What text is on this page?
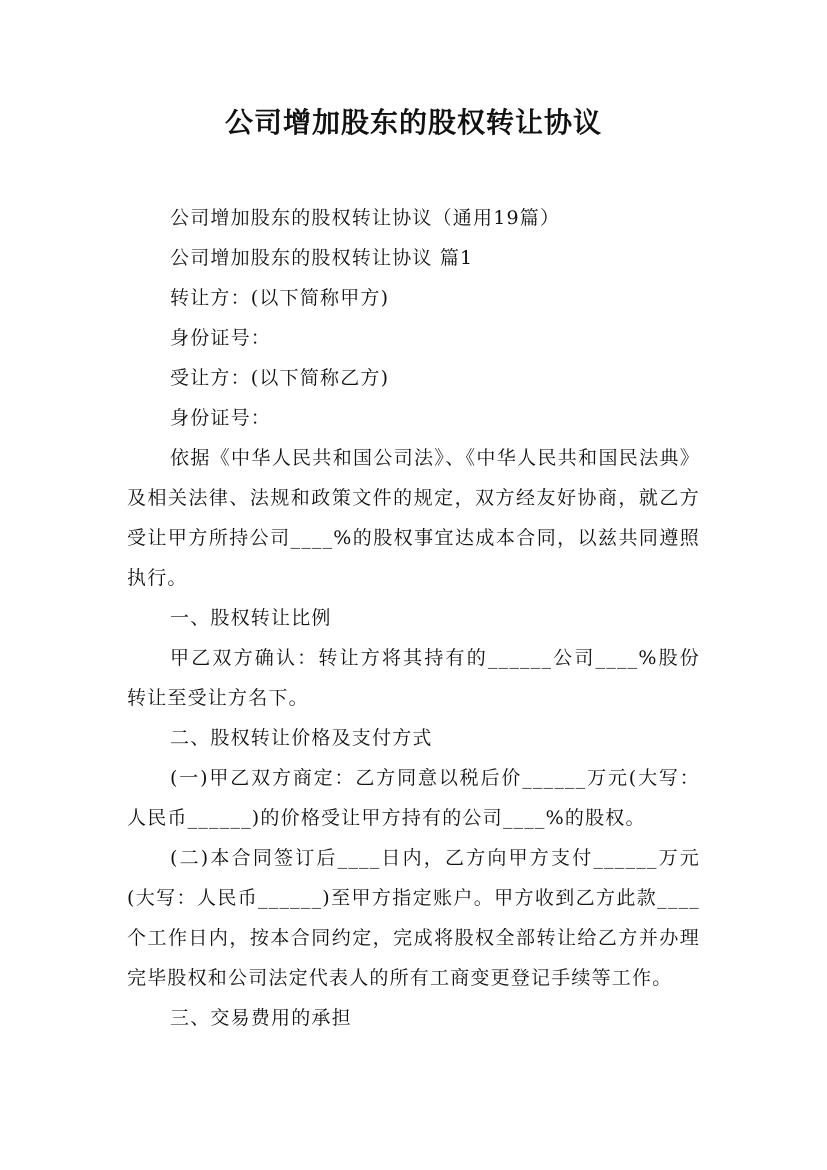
公司增加股东的股权转让协议

公司增加股东的股权转让协议（通用19篇）

公司增加股东的股权转让协议 篇1

转让方：(以下简称甲方)

身份证号：

受让方：(以下简称乙方)

身份证号：

依据《中华人民共和国公司法》、《中华人民共和国民法典》及相关法律、法规和政策文件的规定，双方经友好协商，就乙方受让甲方所持公司____%的股权事宜达成本合同，以兹共同遵照执行。

一、股权转让比例

甲乙双方确认：转让方将其持有的______公司____%股份转让至受让方名下。

二、股权转让价格及支付方式

(一)甲乙双方商定：乙方同意以税后价______万元(大写：人民币______)的价格受让甲方持有的公司____%的股权。

(二)本合同签订后____日内，乙方向甲方支付______万元(大写：人民币______)至甲方指定账户。甲方收到乙方此款____个工作日内，按本合同约定，完成将股权全部转让给乙方并办理完毕股权和公司法定代表人的所有工商变更登记手续等工作。

三、交易费用的承担
